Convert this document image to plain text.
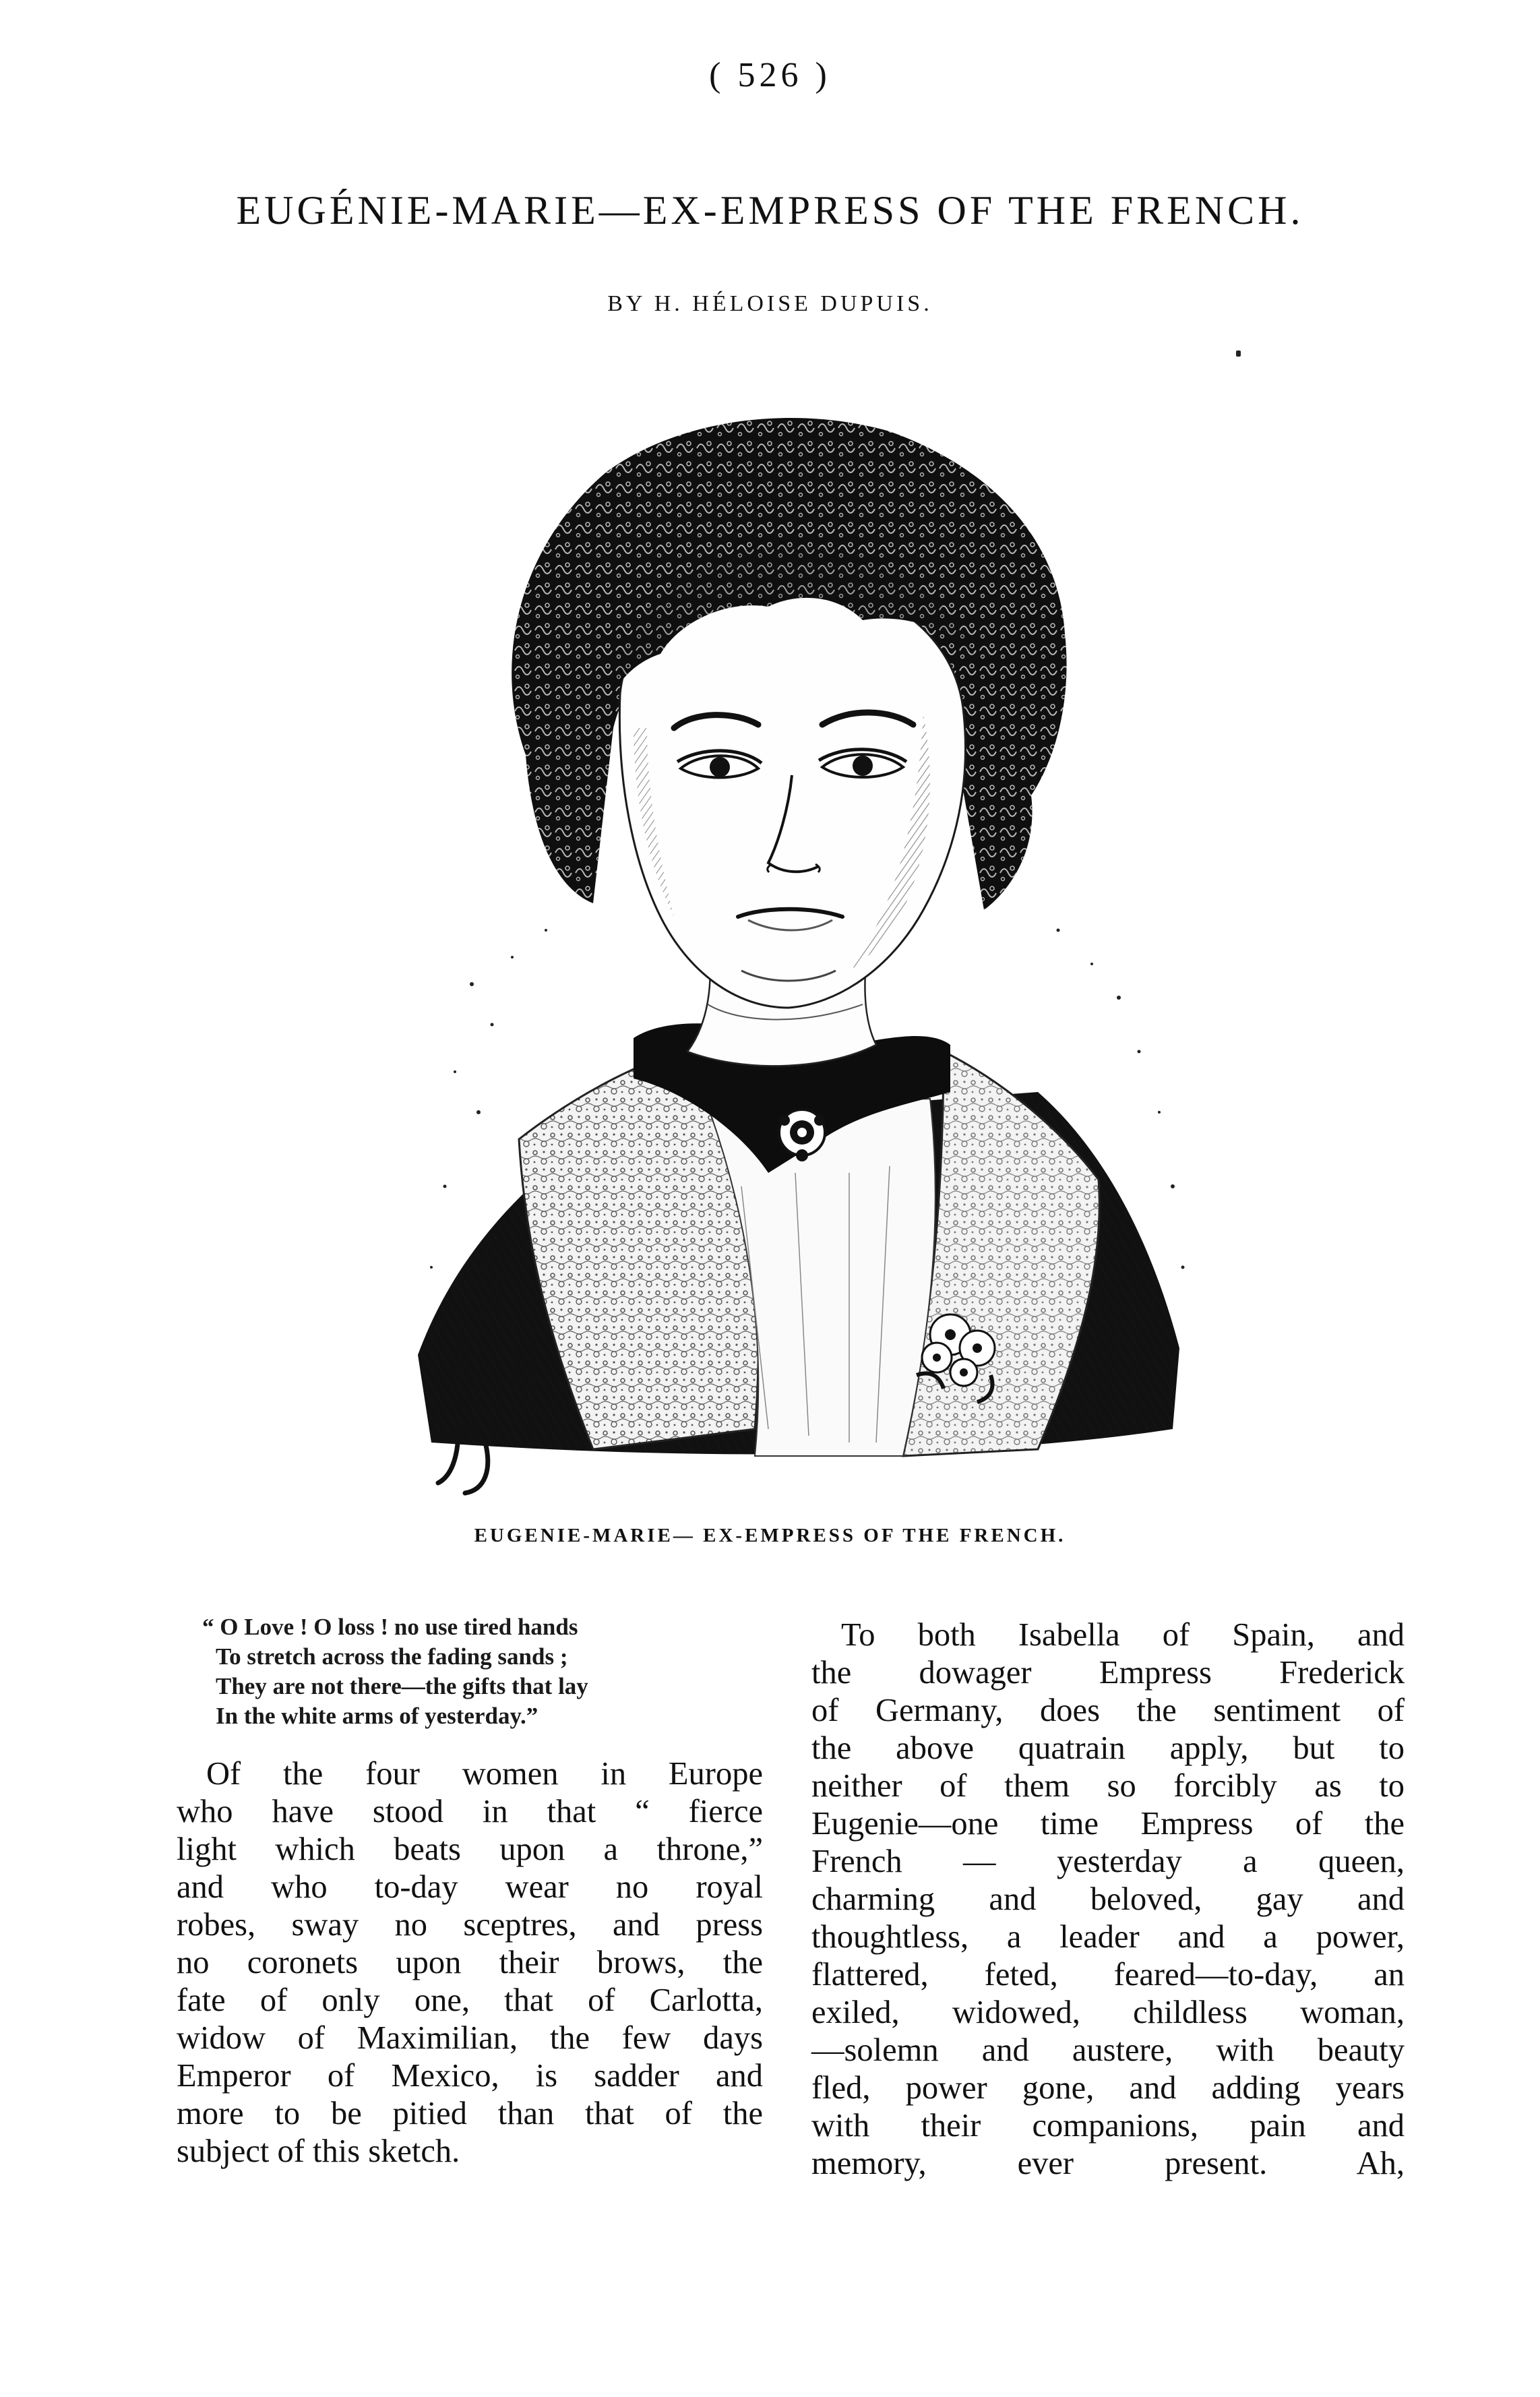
( 526 )
EUGÉNIE-MARIE—EX-EMPRESS OF THE FRENCH.
BY H. HÉLOISE DUPUIS.
EUGENIE-MARIE— EX-EMPRESS OF THE FRENCH.
“ O Love ! O loss ! no use tired hands
To stretch across the fading sands ;
They are not there—the gifts that lay
In the white arms of yesterday.”
Of the four women in Europe
who have stood in that “ fierce
light which beats upon a throne,”
and who to-day wear no royal
robes, sway no sceptres, and press
no coronets upon their brows, the
fate of only one, that of Carlotta,
widow of Maximilian, the few days
Emperor of Mexico, is sadder and
more to be pitied than that of the
subject of this sketch.
To both Isabella of Spain, and
the dowager Empress Frederick
of Germany, does the sentiment of
the above quatrain apply, but to
neither of them so forcibly as to
Eugenie—one time Empress of the
French — yesterday a queen,
charming and beloved, gay and
thoughtless, a leader and a power,
flattered, feted, feared—to-day, an
exiled, widowed, childless woman,
—solemn and austere, with beauty
fled, power gone, and adding years
with their companions, pain and
memory, ever present. Ah,
